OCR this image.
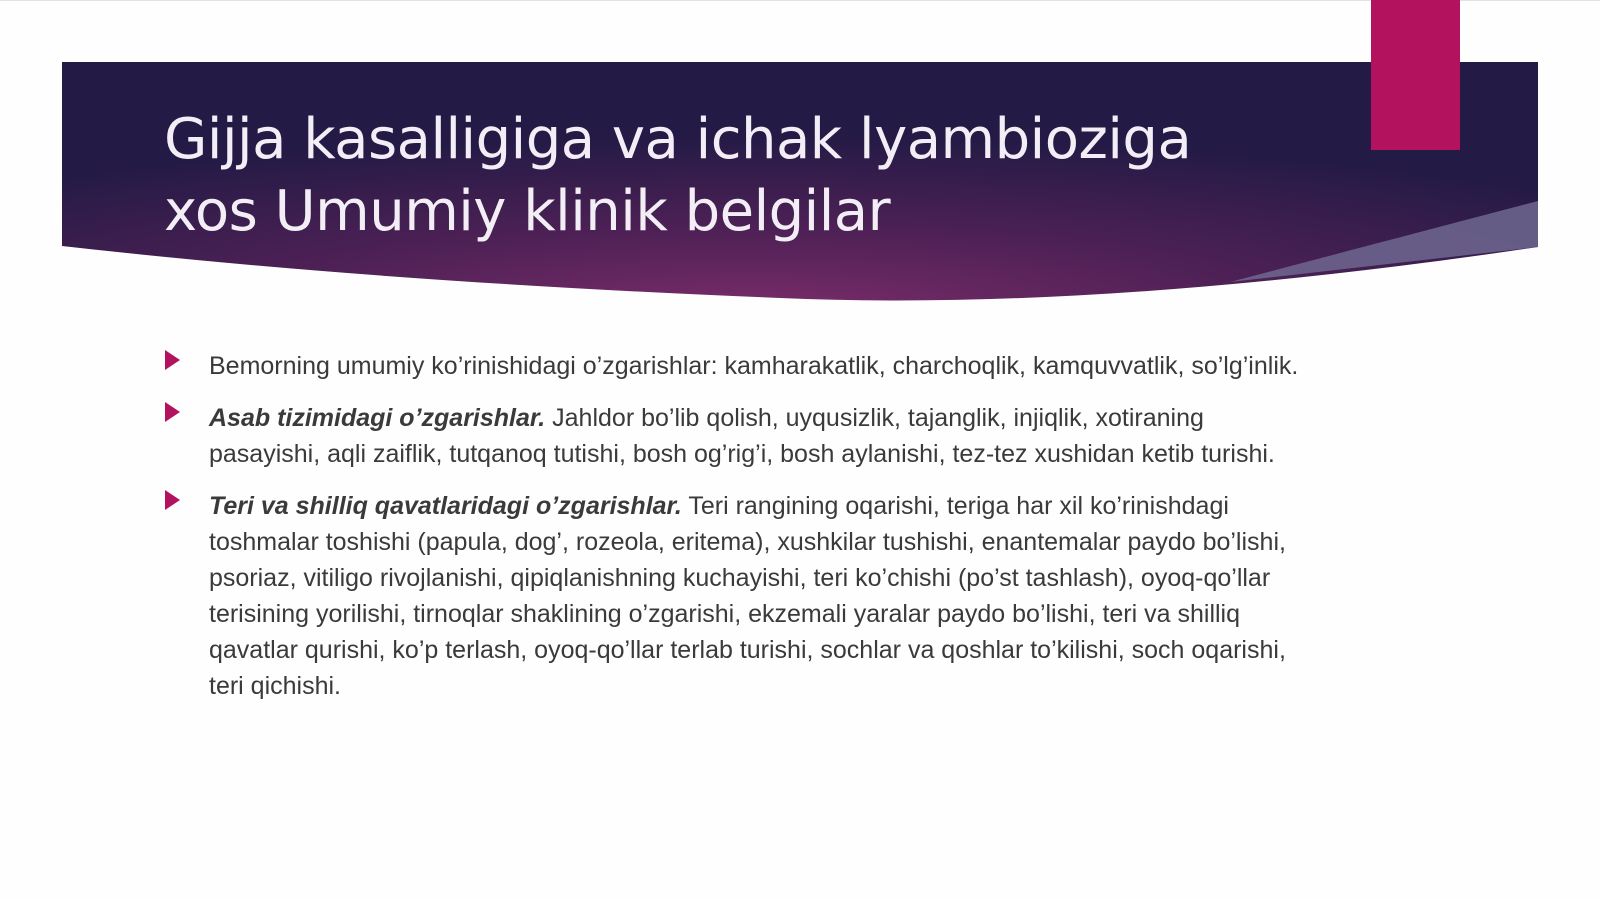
Gijja kasalligiga va ichak lyambioziga
xos Umumiy klinik belgilar
Bemorning umumiy ko’rinishidagi o’zgarishlar: kamharakatlik, charchoqlik, kamquvvatlik, so’lg’inlik.
Asab tizimidagi o’zgarishlar. Jahldor bo’lib qolish, uyqusizlik, tajanglik, injiqlik, xotiraning pasayishi, aqli zaiflik, tutqanoq tutishi, bosh og’rig’i, bosh aylanishi, tez-tez xushidan ketib turishi.
Teri va shilliq qavatlaridagi o’zgarishlar. Teri rangining oqarishi, teriga har xil ko’rinishdagi toshmalar toshishi (papula, dog’, rozeola, eritema), xushkilar tushishi, enantemalar paydo bo’lishi, psoriaz, vitiligo rivojlanishi, qipiqlanishning kuchayishi, teri ko’chishi (po’st tashlash), oyoq-qo’llar terisining yorilishi, tirnoqlar shaklining o’zgarishi, ekzemali yaralar paydo bo’lishi, teri va shilliq qavatlar qurishi, ko’p terlash, oyoq-qo’llar terlab turishi, sochlar va qoshlar to’kilishi, soch oqarishi, teri qichishi.
